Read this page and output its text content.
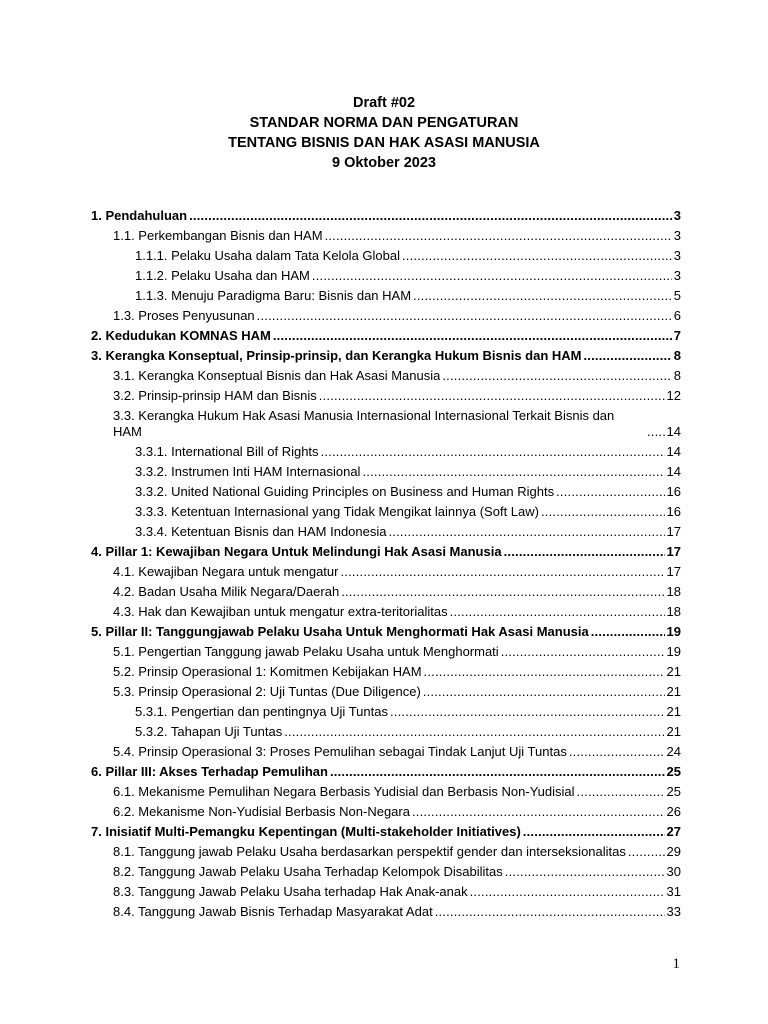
Draft #02
STANDAR NORMA DAN PENGATURAN
TENTANG BISNIS DAN HAK ASASI MANUSIA
9 Oktober 2023
1. Pendahuluan .....	3
1.1. Perkembangan Bisnis dan HAM .....	3
1.1.1. Pelaku Usaha dalam Tata Kelola Global .....	3
1.1.2. Pelaku Usaha dan HAM .....	3
1.1.3. Menuju Paradigma Baru: Bisnis dan HAM .....	5
1.3. Proses Penyusunan .....	6
2. Kedudukan KOMNAS HAM .....	7
3. Kerangka Konseptual, Prinsip-prinsip, dan Kerangka Hukum Bisnis dan HAM .....	8
3.1. Kerangka Konseptual Bisnis dan Hak Asasi Manusia .....	8
3.2. Prinsip-prinsip HAM dan Bisnis .....	12
3.3. Kerangka Hukum Hak Asasi Manusia Internasional Internasional Terkait Bisnis dan HAM .....	14
3.3.1. International Bill of Rights .....	14
3.3.2. Instrumen Inti HAM Internasional .....	14
3.3.2. United National Guiding Principles on Business and Human Rights .....	16
3.3.3. Ketentuan Internasional yang Tidak Mengikat lainnya (Soft Law) .....	16
3.3.4. Ketentuan Bisnis dan HAM Indonesia .....	17
4. Pillar 1: Kewajiban Negara Untuk Melindungi Hak Asasi Manusia .....	17
4.1. Kewajiban Negara untuk mengatur .....	17
4.2. Badan Usaha Milik Negara/Daerah .....	18
4.3. Hak dan Kewajiban untuk mengatur extra-teritorialitas .....	18
5. Pillar II: Tanggungjawab Pelaku Usaha Untuk Menghormati Hak Asasi Manusia .....	19
5.1. Pengertian Tanggung jawab Pelaku Usaha untuk Menghormati .....	19
5.2. Prinsip Operasional 1: Komitmen Kebijakan HAM .....	21
5.3. Prinsip Operasional 2: Uji Tuntas (Due Diligence) .....	21
5.3.1. Pengertian dan pentingnya Uji Tuntas .....	21
5.3.2. Tahapan Uji Tuntas .....	21
5.4. Prinsip Operasional 3: Proses Pemulihan sebagai Tindak Lanjut Uji Tuntas .....	24
6. Pillar III: Akses Terhadap Pemulihan .....	25
6.1. Mekanisme Pemulihan Negara Berbasis Yudisial dan Berbasis Non-Yudisial .....	25
6.2. Mekanisme Non-Yudisial Berbasis Non-Negara .....	26
7. Inisiatif Multi-Pemangku Kepentingan (Multi-stakeholder Initiatives) .....	27
8.1. Tanggung jawab Pelaku Usaha berdasarkan perspektif gender dan interseksionalitas .....	29
8.2. Tanggung Jawab Pelaku Usaha Terhadap Kelompok Disabilitas .....	30
8.3. Tanggung Jawab Pelaku Usaha terhadap Hak Anak-anak .....	31
8.4. Tanggung Jawab Bisnis Terhadap Masyarakat Adat .....	33
1
